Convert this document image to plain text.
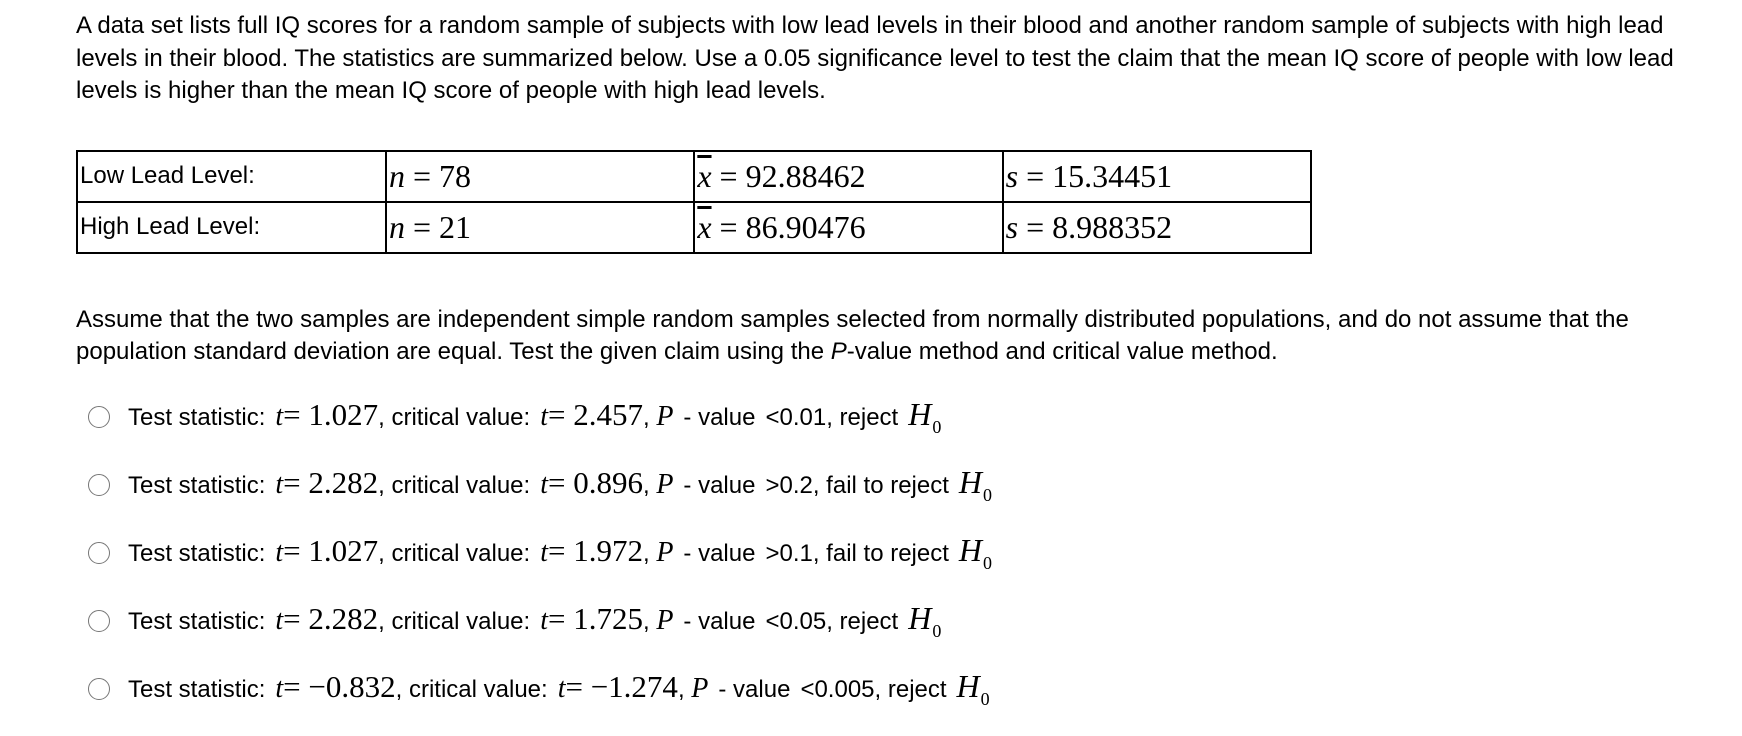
A data set lists full IQ scores for a random sample of subjects with low lead levels in their blood and another random sample of subjects with high lead levels in their blood. The statistics are summarized below. Use a 0.05 significance level to test the claim that the mean IQ score of people with low lead levels is higher than the mean IQ score of people with high lead levels.

Low Lead Level:	n = 78	$\overline{x} = 92.88462$	s = 15.34451
High Lead Level:	n = 21	$\overline{x} = 86.90476$	s = 8.988352

Assume that the two samples are independent simple random samples selected from normally distributed populations, and do not assume that the population standard deviation are equal. Test the given claim using the P-value method and critical value method.

Test statistic: t = 1.027 , critical value: t = 2.457 , P - value <0.01, reject $H_0$
Test statistic: t = 2.282 , critical value: t = 0.896 , P - value >0.2, fail to reject $H_0$
Test statistic: t = 1.027 , critical value: t = 1.972 , P - value >0.1, fail to reject $H_0$
Test statistic: t = 2.282 , critical value: t = 1.725 , P - value <0.05, reject $H_0$
Test statistic: t = −0.832 , critical value: t = −1.274 , P - value <0.005, reject $H_0$
